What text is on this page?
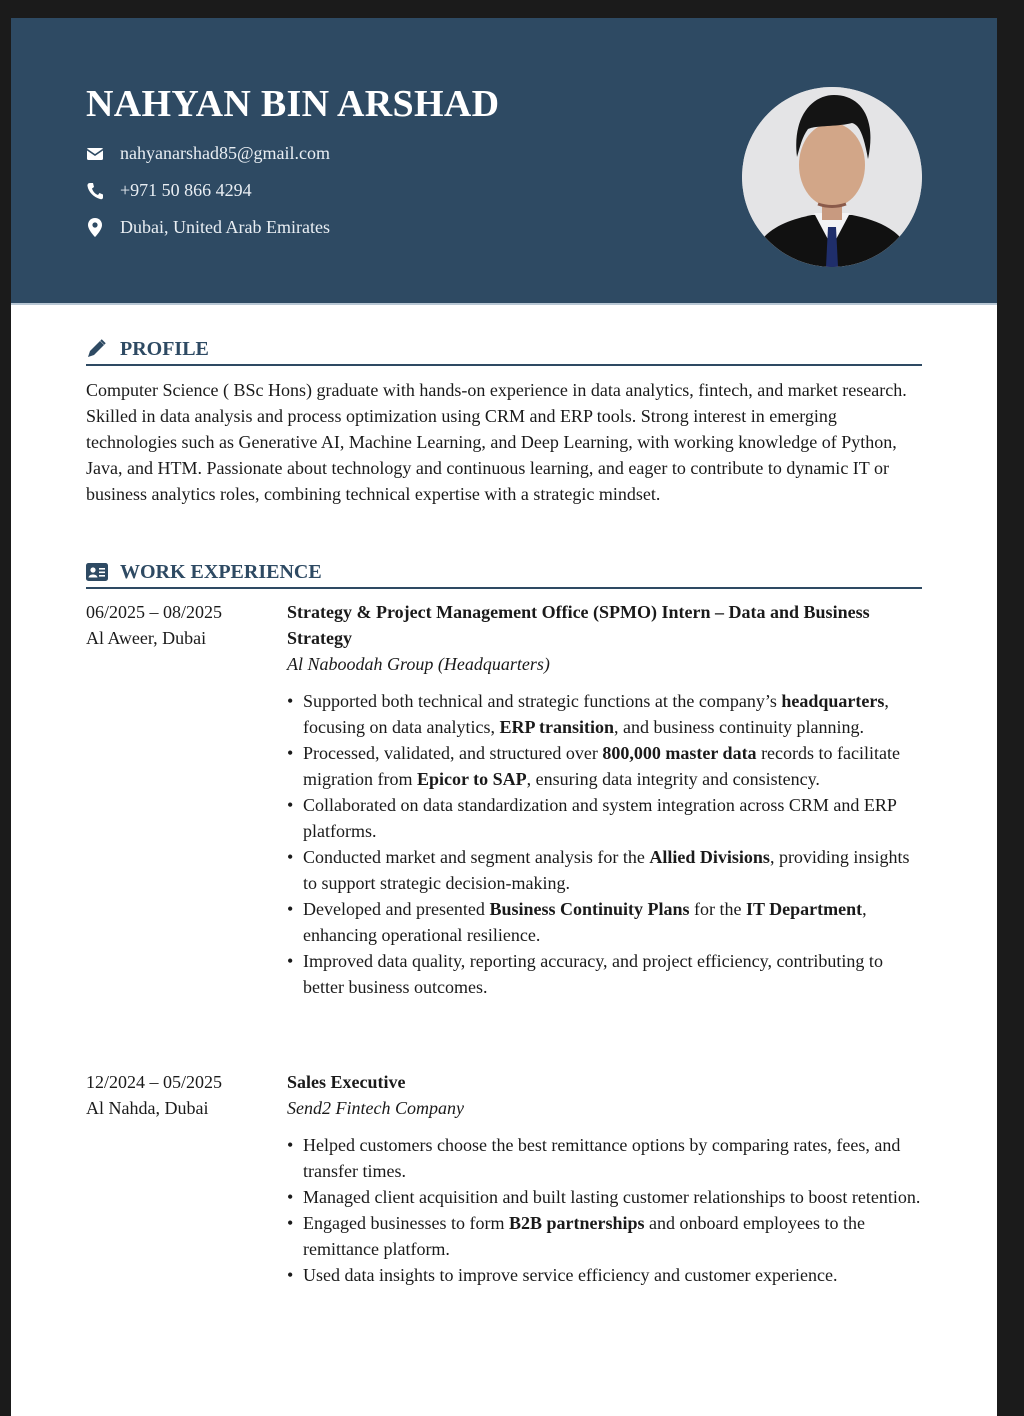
NAHYAN BIN ARSHAD
nahyanarshad85@gmail.com
+971 50 866 4294
Dubai, United Arab Emirates
PROFILE
Computer Science ( BSc Hons) graduate with hands-on experience in data analytics, fintech, and market research. Skilled in data analysis and process optimization using CRM and ERP tools. Strong interest in emerging technologies such as Generative AI, Machine Learning, and Deep Learning, with working knowledge of Python, Java, and HTM. Passionate about technology and continuous learning, and eager to contribute to dynamic IT or business analytics roles, combining technical expertise with a strategic mindset.
WORK EXPERIENCE
06/2025 – 08/2025
Al Aweer, Dubai
Strategy & Project Management Office (SPMO) Intern – Data and Business Strategy
Al Naboodah Group (Headquarters)
• Supported both technical and strategic functions at the company’s headquarters, focusing on data analytics, ERP transition, and business continuity planning.
• Processed, validated, and structured over 800,000 master data records to facilitate migration from Epicor to SAP, ensuring data integrity and consistency.
• Collaborated on data standardization and system integration across CRM and ERP platforms.
• Conducted market and segment analysis for the Allied Divisions, providing insights to support strategic decision-making.
• Developed and presented Business Continuity Plans for the IT Department, enhancing operational resilience.
• Improved data quality, reporting accuracy, and project efficiency, contributing to better business outcomes.
12/2024 – 05/2025
Al Nahda, Dubai
Sales Executive
Send2 Fintech Company
• Helped customers choose the best remittance options by comparing rates, fees, and transfer times.
• Managed client acquisition and built lasting customer relationships to boost retention.
• Engaged businesses to form B2B partnerships and onboard employees to the remittance platform.
• Used data insights to improve service efficiency and customer experience.
